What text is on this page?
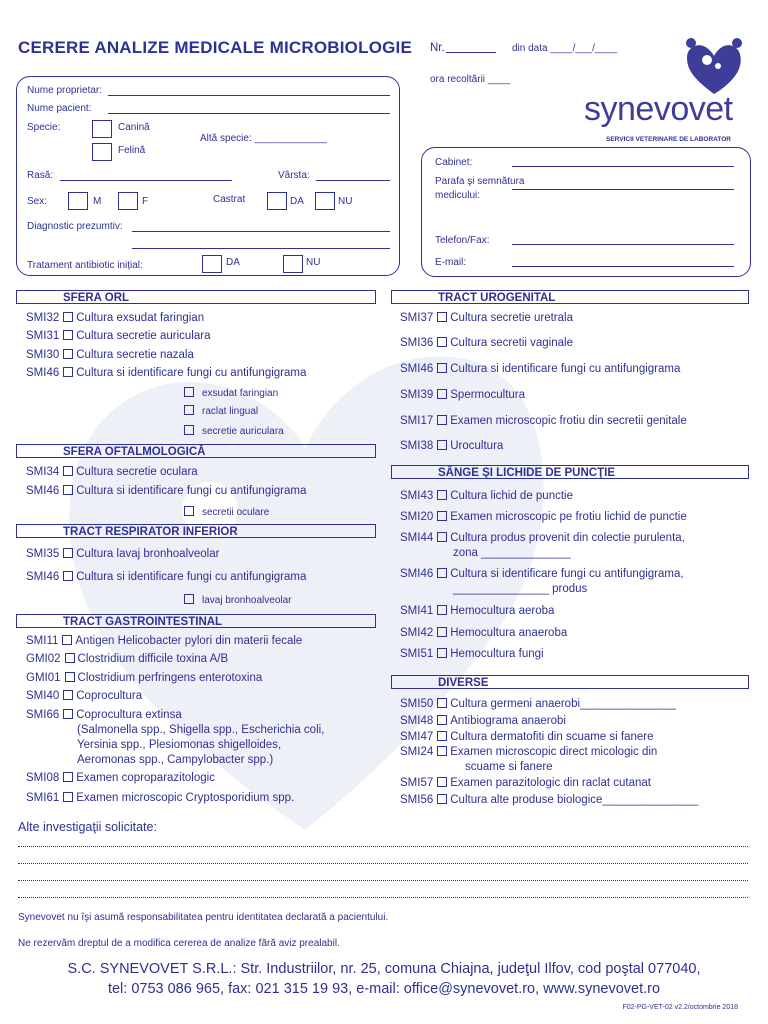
CERERE ANALIZE MEDICALE MICROBIOLOGIE Nr.	din data ____/___/____
ora recoltării ____
synevovet
SERVICII VETERINARE DE LABORATOR
Nume proprietar:
Nume pacient:
Specie:	Canină
Felină
Altă specie: _____________
Rasă:	Vârsta:
Sex:	M	F	Castrat	DA	NU
Diagnostic prezumtiv:
Tratament antibiotic inițial:	DA	NU
Cabinet:
Parafa şi semnătura
medicului:
Telefon/Fax:
E-mail:
SFERA ORL
SMI32 Cultura exsudat faringian
SMI31 Cultura secretie auriculara
SMI30 Cultura secretie nazala
SMI46 Cultura si identificare fungi cu antifungigrama
exsudat faringian
raclat lingual
secretie auriculara
SFERA OFTALMOLOGICĂ
SMI34 Cultura secretie oculara
SMI46 Cultura si identificare fungi cu antifungigrama
secretii oculare
TRACT RESPIRATOR INFERIOR
SMI35 Cultura lavaj bronhoalveolar
SMI46 Cultura si identificare fungi cu antifungigrama
lavaj bronhoalveolar
TRACT GASTROINTESTINAL
SMI11 Antigen Helicobacter pylori din materii fecale
GMI02 Clostridium difficile toxina A/B
GMI01 Clostridium perfringens enterotoxina
SMI40 Coprocultura
SMI66 Coprocultura extinsa
(Salmonella spp., Shigella spp., Escherichia coli,
Yersinia spp., Plesiomonas shigelloides,
Aeromonas spp., Campylobacter spp.)
SMI08 Examen coproparazitologic
SMI61 Examen microscopic Cryptosporidium spp.
TRACT UROGENITAL
SMI37 Cultura secretie uretrala
SMI36 Cultura secretii vaginale
SMI46 Cultura si identificare fungi cu antifungigrama
SMI39 Spermocultura
SMI17 Examen microscopic frotiu din secretii genitale
SMI38 Urocultura
SÂNGE ŞI LICHIDE DE PUNCŢIE
SMI43 Cultura lichid de punctie
SMI20 Examen microscopic pe frotiu lichid de punctie
SMI44 Cultura produs provenit din colectie purulenta,
zona ______________
SMI46 Cultura si identificare fungi cu antifungigrama,
_______________ produs
SMI41 Hemocultura aeroba
SMI42 Hemocultura anaeroba
SMI51 Hemocultura fungi
DIVERSE
SMI50 Cultura germeni anaerobi_______________
SMI48 Antibiograma anaerobi
SMI47 Cultura dermatofiti din scuame si fanere
SMI24 Examen microscopic direct micologic din
scuame si fanere
SMI57 Examen parazitologic din raclat cutanat
SMI56 Cultura alte produse biologice_______________
Alte investigaţii solicitate:
Synevovet nu îşi asumă responsabilitatea pentru identitatea declarată a pacientului.
Ne rezervăm dreptul de a modifica cererea de analize fără aviz prealabil.
S.C. SYNEVOVET S.R.L.: Str. Industriilor, nr. 25, comuna Chiajna, judeţul Ilfov, cod poştal 077040,
tel: 0753 086 965, fax: 021 315 19 93, e-mail: office@synevovet.ro, www.synevovet.ro
F02-PG-VET-02 v2.2/octombrie 2018
